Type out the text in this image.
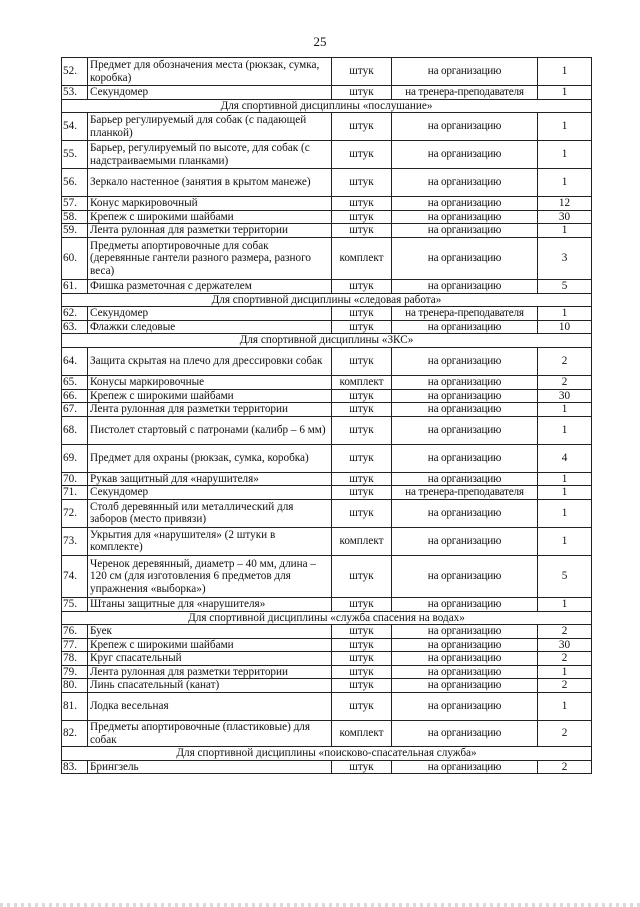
25
52.	Предмет для обозначения места (рюкзак, сумка, коробка)	штук	на организацию	1
53.	Секундомер	штук	на тренера-преподавателя	1
Для спортивной дисциплины «послушание»				
54.	Барьер регулируемый для собак (с падающей планкой)	штук	на организацию	1
55.	Барьер, регулируемый по высоте, для собак (с надстраиваемыми планками)	штук	на организацию	1
56.	Зеркало настенное (занятия в крытом манеже)	штук	на организацию	1
57.	Конус маркировочный	штук	на организацию	12
58.	Крепеж с широкими шайбами	штук	на организацию	30
59.	Лента рулонная для разметки территории	штук	на организацию	1
60.	Предметы апортировочные для собак (деревянные гантели разного размера, разного веса)	комплект	на организацию	3
61.	Фишка разметочная с держателем	штук	на организацию	5
Для спортивной дисциплины «следовая работа»				
62.	Секундомер	штук	на тренера-преподавателя	1
63.	Флажки следовые	штук	на организацию	10
Для спортивной дисциплины «ЗКС»				
64.	Защита скрытая на плечо для дрессировки собак	штук	на организацию	2
65.	Конусы маркировочные	комплект	на организацию	2
66.	Крепеж с широкими шайбами	штук	на организацию	30
67.	Лента рулонная для разметки территории	штук	на организацию	1
68.	Пистолет стартовый с патронами (калибр – 6 мм)	штук	на организацию	1
69.	Предмет для охраны (рюкзак, сумка, коробка)	штук	на организацию	4
70.	Рукав защитный для «нарушителя»	штук	на организацию	1
71.	Секундомер	штук	на тренера-преподавателя	1
72.	Столб деревянный или металлический для заборов (место привязи)	штук	на организацию	1
73.	Укрытия для «нарушителя» (2 штуки в комплекте)	комплект	на организацию	1
74.	Черенок деревянный, диаметр – 40 мм, длина – 120 см (для изготовления 6 предметов для упражнения «выборка»)	штук	на организацию	5
75.	Штаны защитные для «нарушителя»	штук	на организацию	1
Для спортивной дисциплины «служба спасения на водах»				
76.	Буек	штук	на организацию	2
77.	Крепеж с широкими шайбами	штук	на организацию	30
78.	Круг спасательный	штук	на организацию	2
79.	Лента рулонная для разметки территории	штук	на организацию	1
80.	Линь спасательный (канат)	штук	на организацию	2
81.	Лодка весельная	штук	на организацию	1
82.	Предметы апортировочные (пластиковые) для собак	комплект	на организацию	2
Для спортивной дисциплины «поисково-спасательная служба»				
83.	Брингзель	штук	на организацию	2
